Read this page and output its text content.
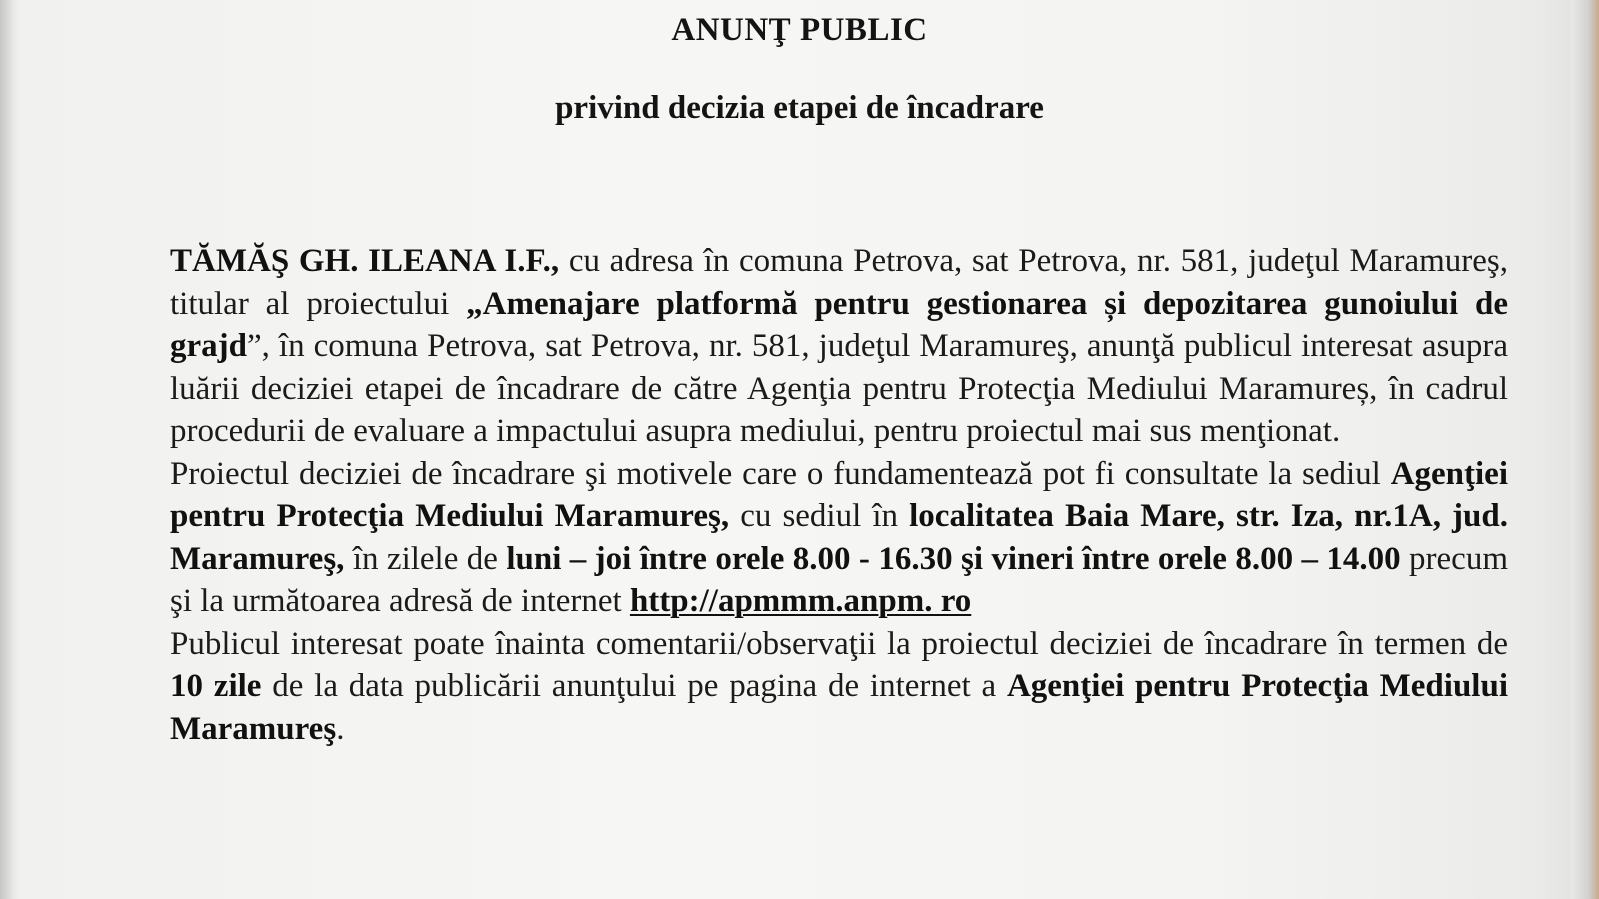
ANUNŢ PUBLIC
privind decizia etapei de încadrare

TĂMĂŞ GH. ILEANA I.F., cu adresa în comuna Petrova, sat Petrova, nr. 581, judeţul Maramureş, titular al proiectului „Amenajare platformă pentru gestionarea și depozitarea gunoiului de grajd”, în comuna Petrova, sat Petrova, nr. 581, judeţul Maramureş, anunţă publicul interesat asupra luării deciziei etapei de încadrare de către Agenţia pentru Protecţia Mediului Maramureș, în cadrul procedurii de evaluare a impactului asupra mediului, pentru proiectul mai sus menţionat.

Proiectul deciziei de încadrare şi motivele care o fundamentează pot fi consultate la sediul Agenţiei pentru Protecţia Mediului Maramureş, cu sediul în localitatea Baia Mare, str. Iza, nr.1A, jud. Maramureş, în zilele de luni – joi între orele 8.00 - 16.30 şi vineri între orele 8.00 – 14.00 precum şi la următoarea adresă de internet http://apmmm.anpm. ro

Publicul interesat poate înainta comentarii/observaţii la proiectul deciziei de încadrare în termen de 10 zile de la data publicării anunţului pe pagina de internet a Agenţiei pentru Protecţia Mediului Maramureş.
